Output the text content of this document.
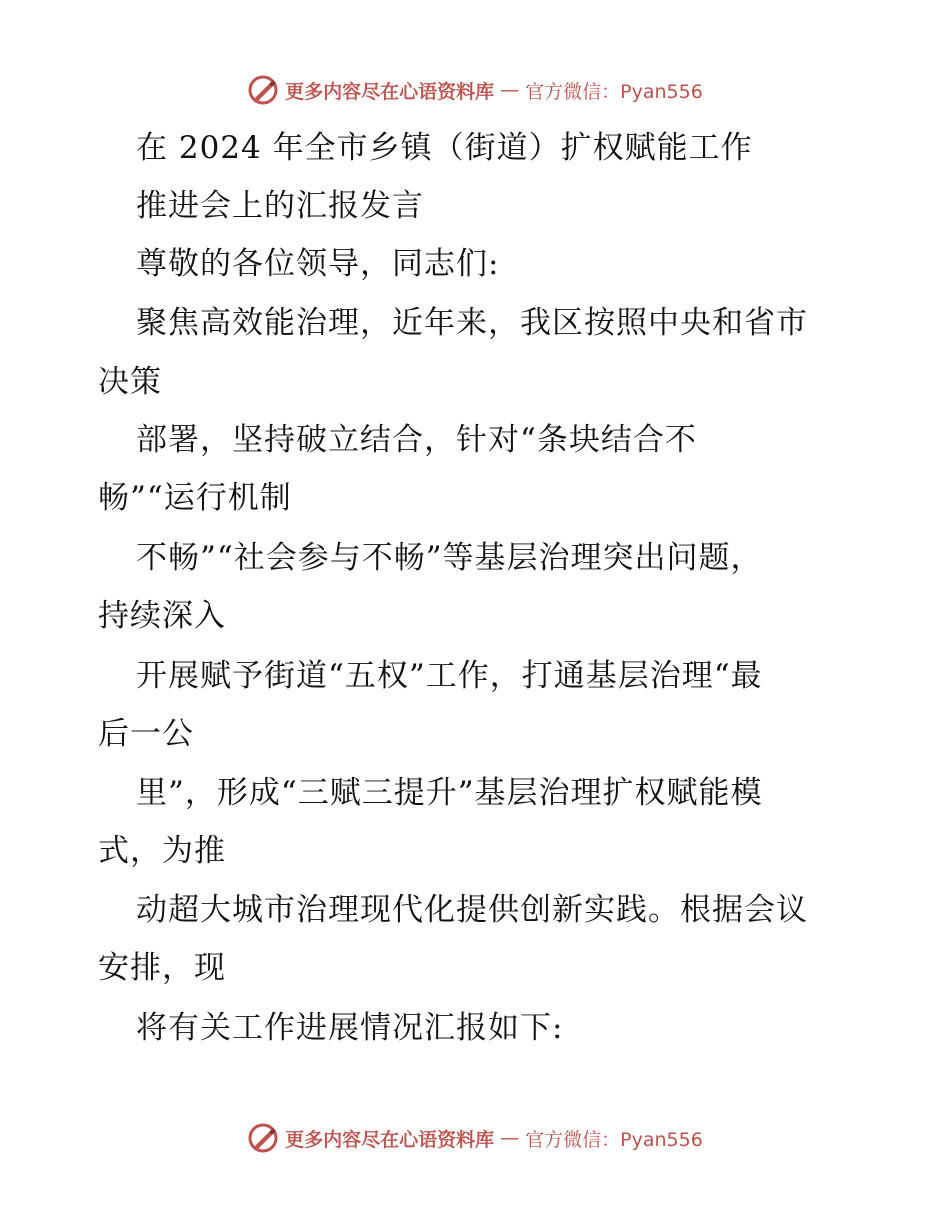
更多内容尽在心语资料库 — 官方微信：Pyan556
在 2024 年全市乡镇（街道）扩权赋能工作
推进会上的汇报发言
尊敬的各位领导，同志们:
聚焦高效能治理，近年来，我区按照中央和省市
决策
部署，坚持破立结合，针对“条块结合不
畅”“运行机制
不畅”“社会参与不畅”等基层治理突出问题，
持续深入
开展赋予街道“五权”工作，打通基层治理“最
后一公
里”，形成“三赋三提升”基层治理扩权赋能模
式，为推
动超大城市治理现代化提供创新实践。根据会议
安排，现
将有关工作进展情况汇报如下:
更多内容尽在心语资料库 — 官方微信：Pyan556
